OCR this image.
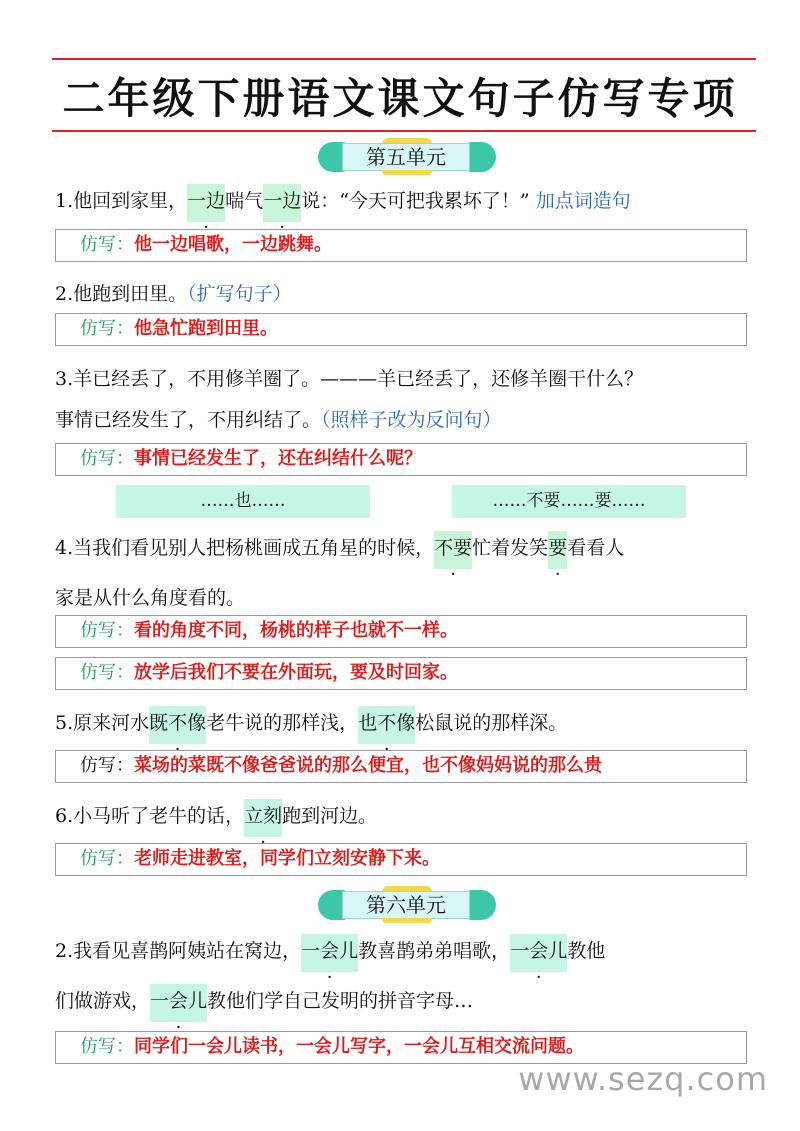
二年级下册语文课文句子仿写专项
第五单元
1.他回到家里，一边喘气一边说：“今天可把我累坏了！” 加点词造句
仿写：他一边唱歌，一边跳舞。
2.他跑到田里。（扩写句子）
仿写：他急忙跑到田里。
3.羊已经丢了，不用修羊圈了。———羊已经丢了，还修羊圈干什么？
事情已经发生了，不用纠结了。（照样子改为反问句）
仿写：事情已经发生了，还在纠结什么呢？
……也……	……不要……要……
4.当我们看见别人把杨桃画成五角星的时候，不要忙着发笑要看看人
家是从什么角度看的。
仿写：看的角度不同，杨桃的样子也就不一样。
仿写：放学后我们不要在外面玩，要及时回家。
5.原来河水既不像老牛说的那样浅，也不像松鼠说的那样深。
仿写：菜场的菜既不像爸爸说的那么便宜，也不像妈妈说的那么贵
6.小马听了老牛的话，立刻跑到河边。
仿写：老师走进教室，同学们立刻安静下来。
第六单元
2.我看见喜鹊阿姨站在窝边，一会儿教喜鹊弟弟唱歌，一会儿教他
们做游戏，一会儿教他们学自己发明的拼音字母…
仿写：同学们一会儿读书，一会儿写字，一会儿互相交流问题。
www.sezq.com
